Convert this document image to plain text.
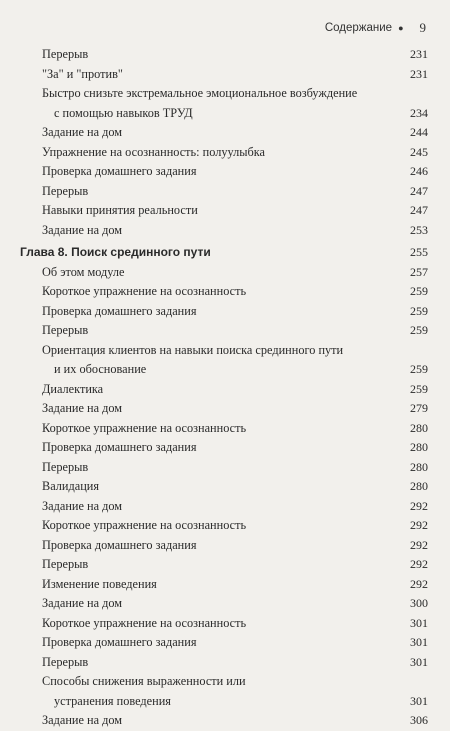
Содержание ● 9
Перерыв	231
"За" и "против"	231
Быстро снизьте экстремальное эмоциональное возбуждение
с помощью навыков ТРУД	234
Задание на дом	244
Упражнение на осознанность: полуулыбка	245
Проверка домашнего задания	246
Перерыв	247
Навыки принятия реальности	247
Задание на дом	253
Глава 8. Поиск срединного пути	255
Об этом модуле	257
Короткое упражнение на осознанность	259
Проверка домашнего задания	259
Перерыв	259
Ориентация клиентов на навыки поиска срединного пути
и их обоснование	259
Диалектика	259
Задание на дом	279
Короткое упражнение на осознанность	280
Проверка домашнего задания	280
Перерыв	280
Валидация	280
Задание на дом	292
Короткое упражнение на осознанность	292
Проверка домашнего задания	292
Перерыв	292
Изменение поведения	292
Задание на дом	300
Короткое упражнение на осознанность	301
Проверка домашнего задания	301
Перерыв	301
Способы снижения выраженности или
устранения поведения	301
Задание на дом	306
